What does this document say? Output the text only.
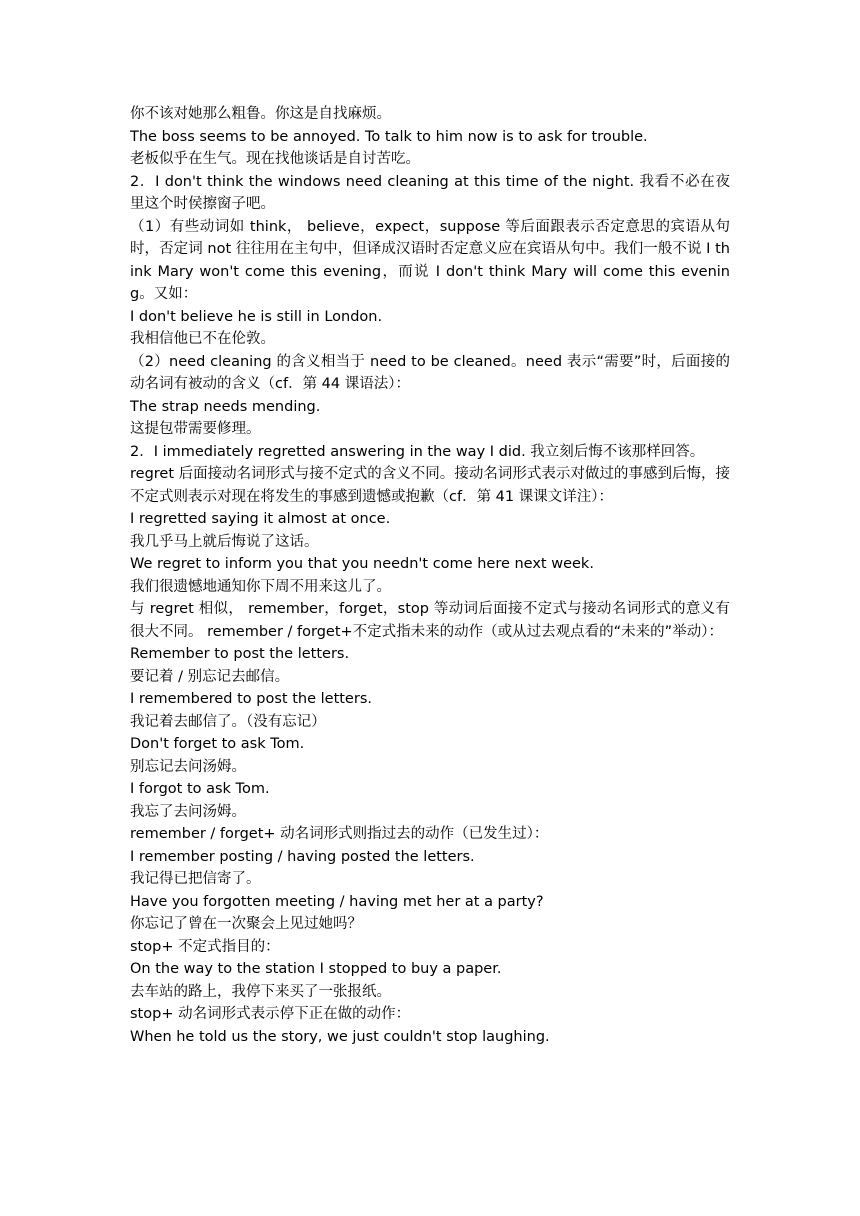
你不该对她那么粗鲁。你这是自找麻烦。

The boss seems to be annoyed. To talk to him now is to ask for trouble.

老板似乎在生气。现在找他谈话是自讨苦吃。

2．I don't think the windows need cleaning at this time of the night. 我看不必在夜里这个时侯擦窗子吧。

（1）有些动词如 think， believe，expect，suppose 等后面跟表示否定意思的宾语从句时，否定词 not 往往用在主句中，但译成汉语时否定意义应在宾语从句中。我们一般不说 I think Mary won't come this evening，而说 I don't think Mary will come this evening。又如：

I don't believe he is still in London.

我相信他已不在伦敦。

（2）need cleaning 的含义相当于 need to be cleaned。need 表示“需要”时，后面接的动名词有被动的含义（cf．第 44 课语法）：

The strap needs mending.

这提包带需要修理。

2．I immediately regretted answering in the way I did. 我立刻后悔不该那样回答。

regret 后面接动名词形式与接不定式的含义不同。接动名词形式表示对做过的事感到后悔，接不定式则表示对现在将发生的事感到遗憾或抱歉（cf．第 41 课课文详注）：

I regretted saying it almost at once.

我几乎马上就后悔说了这话。

We regret to inform you that you needn't come here next week.

我们很遗憾地通知你下周不用来这儿了。

与 regret 相似， remember，forget，stop 等动词后面接不定式与接动名词形式的意义有很大不同。 remember / forget+不定式指未来的动作（或从过去观点看的“未来的”举动）：

Remember to post the letters.

要记着 / 别忘记去邮信。

I remembered to post the letters.

我记着去邮信了。（没有忘记）

Don't forget to ask Tom.

别忘记去问汤姆。

I forgot to ask Tom.

我忘了去问汤姆。

remember / forget+ 动名词形式则指过去的动作（已发生过）：

I remember posting / having posted the letters.

我记得已把信寄了。

Have you forgotten meeting / having met her at a party?

你忘记了曾在一次聚会上见过她吗？

stop+ 不定式指目的：

On the way to the station I stopped to buy a paper.

去车站的路上，我停下来买了一张报纸。

stop+ 动名词形式表示停下正在做的动作：

When he told us the story, we just couldn't stop laughing.
